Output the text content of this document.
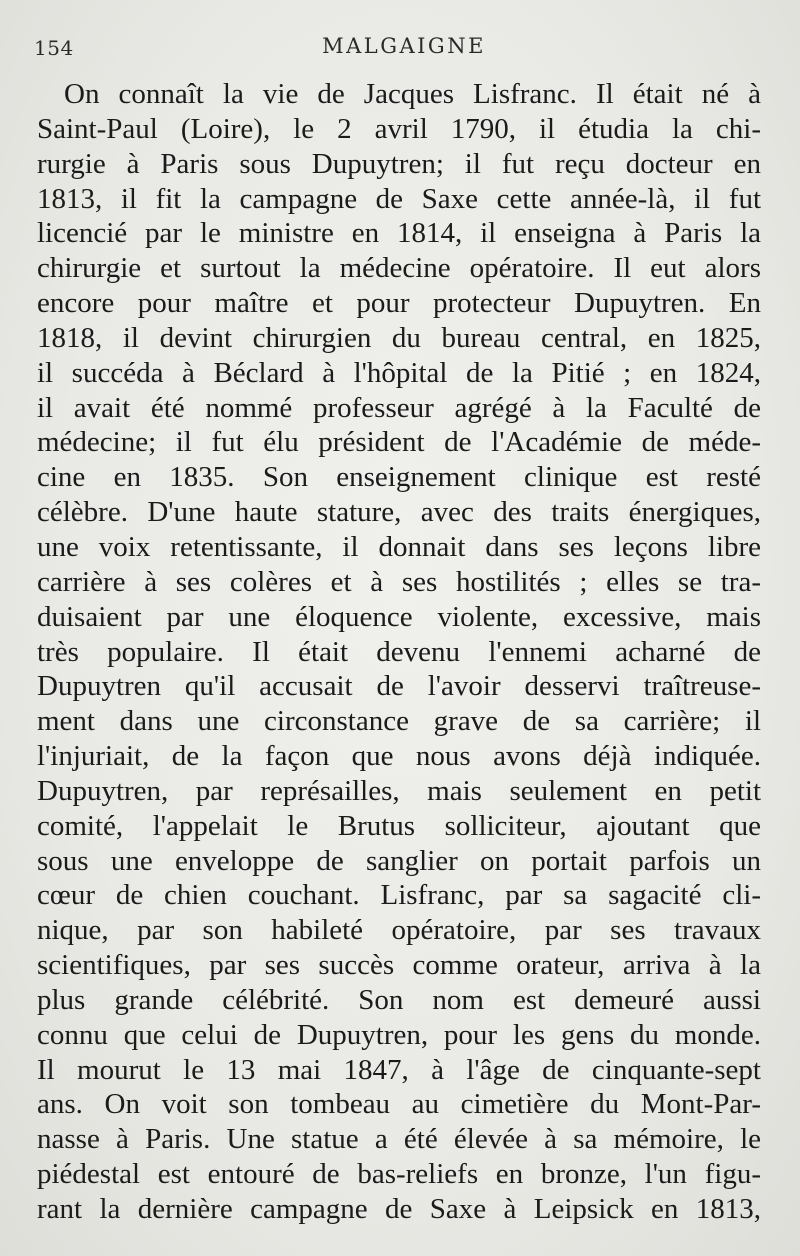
154	MALGAIGNE
On connaît la vie de Jacques Lisfranc. Il était né à
Saint-Paul (Loire), le 2 avril 1790, il étudia la chi-
rurgie à Paris sous Dupuytren; il fut reçu docteur en
1813, il fit la campagne de Saxe cette année-là, il fut
licencié par le ministre en 1814, il enseigna à Paris la
chirurgie et surtout la médecine opératoire. Il eut alors
encore pour maître et pour protecteur Dupuytren. En
1818, il devint chirurgien du bureau central, en 1825,
il succéda à Béclard à l'hôpital de la Pitié ; en 1824,
il avait été nommé professeur agrégé à la Faculté de
médecine; il fut élu président de l'Académie de méde-
cine en 1835. Son enseignement clinique est resté
célèbre. D'une haute stature, avec des traits énergiques,
une voix retentissante, il donnait dans ses leçons libre
carrière à ses colères et à ses hostilités ; elles se tra-
duisaient par une éloquence violente, excessive, mais
très populaire. Il était devenu l'ennemi acharné de
Dupuytren qu'il accusait de l'avoir desservi traîtreuse-
ment dans une circonstance grave de sa carrière; il
l'injuriait, de la façon que nous avons déjà indiquée.
Dupuytren, par représailles, mais seulement en petit
comité, l'appelait le Brutus solliciteur, ajoutant que
sous une enveloppe de sanglier on portait parfois un
cœur de chien couchant. Lisfranc, par sa sagacité cli-
nique, par son habileté opératoire, par ses travaux
scientifiques, par ses succès comme orateur, arriva à la
plus grande célébrité. Son nom est demeuré aussi
connu que celui de Dupuytren, pour les gens du monde.
Il mourut le 13 mai 1847, à l'âge de cinquante-sept
ans. On voit son tombeau au cimetière du Mont-Par-
nasse à Paris. Une statue a été élevée à sa mémoire, le
piédestal est entouré de bas-reliefs en bronze, l'un figu-
rant la dernière campagne de Saxe à Leipsick en 1813,
